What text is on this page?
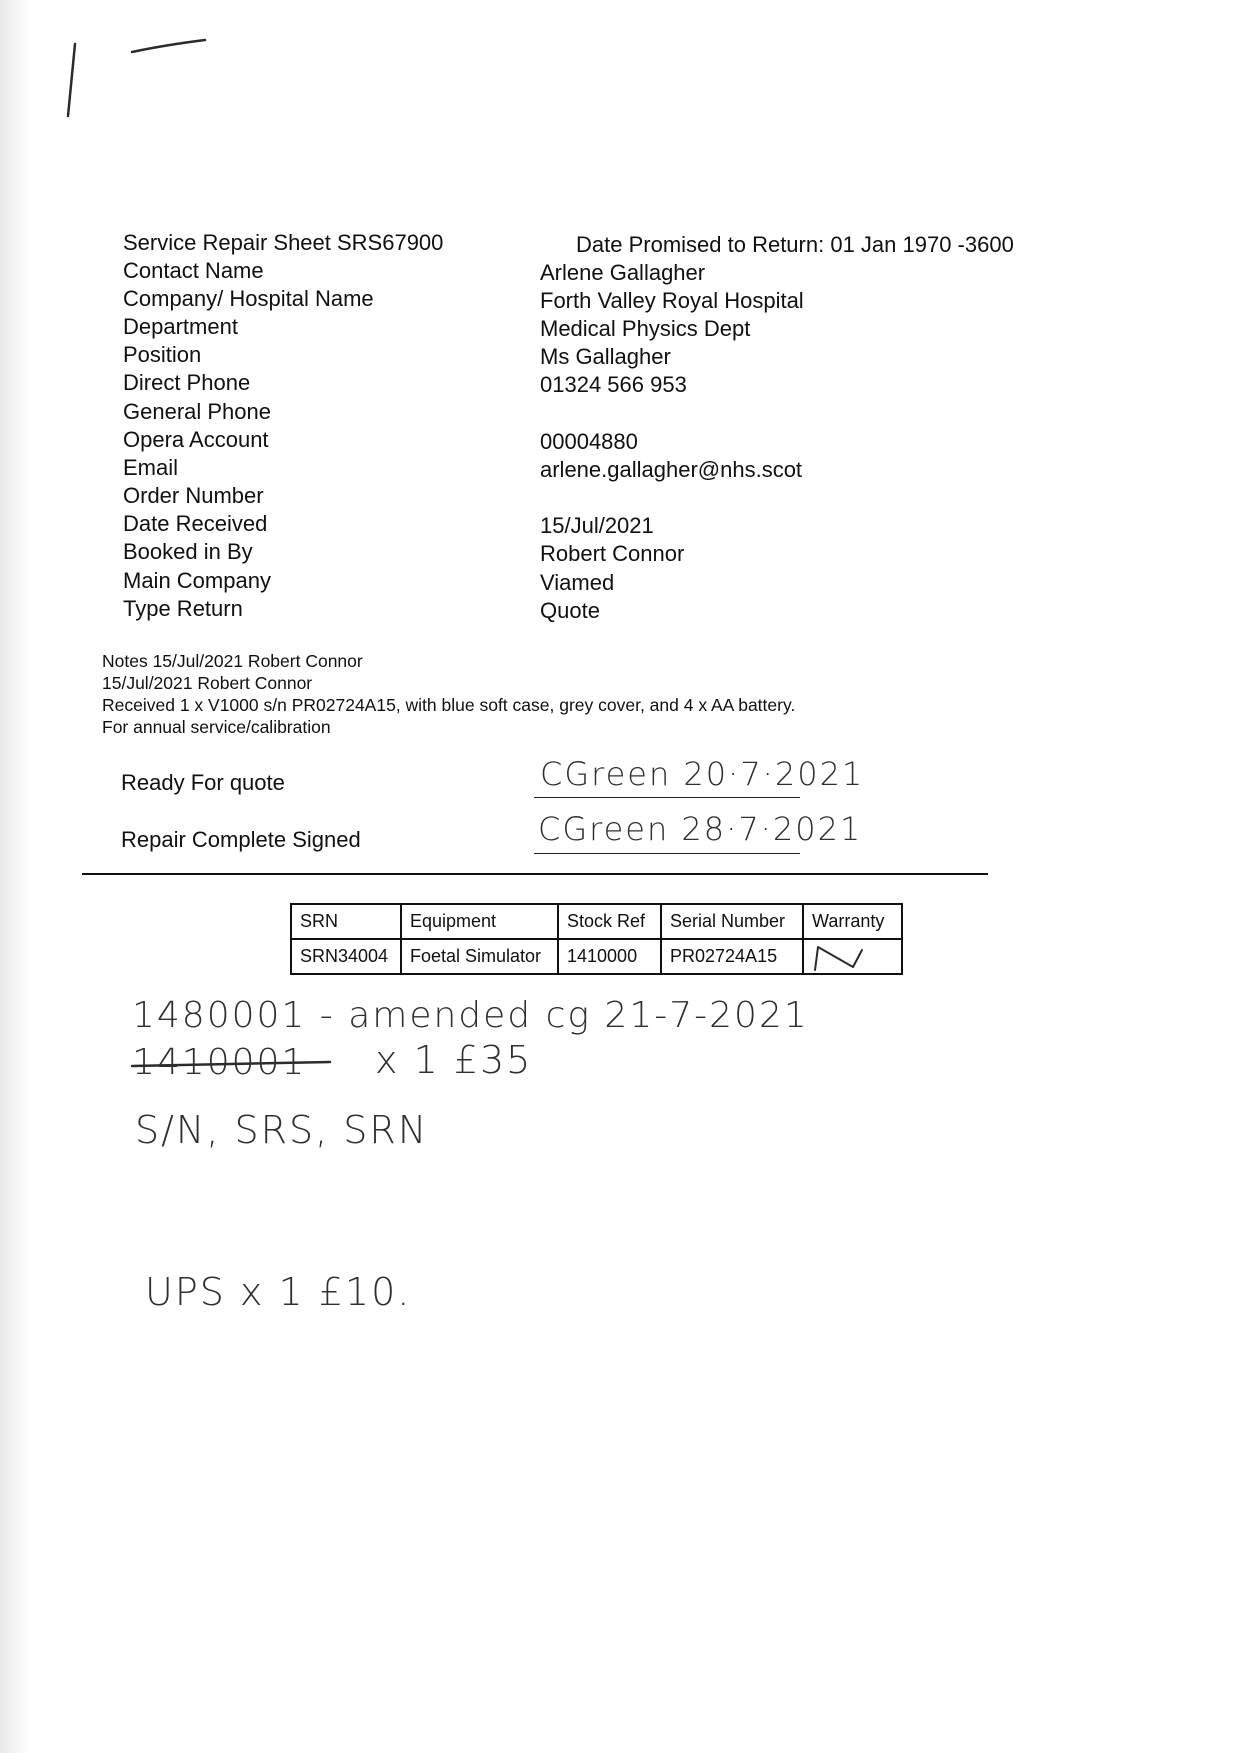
Service Repair Sheet SRS67900	Date Promised to Return: 01 Jan 1970 -3600
Contact Name	Arlene Gallagher
Company/ Hospital Name	Forth Valley Royal Hospital
Department	Medical Physics Dept
Position	Ms Gallagher
Direct Phone	01324 566 953
General Phone
Opera Account	00004880
Email	arlene.gallagher@nhs.scot
Order Number
Date Received	15/Jul/2021
Booked in By	Robert Connor
Main Company	Viamed
Type Return	Quote
Notes 15/Jul/2021 Robert Connor
15/Jul/2021 Robert Connor
Received 1 x V1000 s/n PR02724A15, with blue soft case, grey cover, and 4 x AA battery.
For annual service/calibration
Ready For quote	CGreen 20·7·2021
Repair Complete Signed	CGreen 28·7·2021
SRN	Equipment	Stock Ref	Serial Number	Warranty
SRN34004	Foetal Simulator	1410000	PR02724A15	
1480001 - amended cg 21-7-2021
1410001 x 1 £35
S/N, SRS, SRN
UPS x 1 £10.
